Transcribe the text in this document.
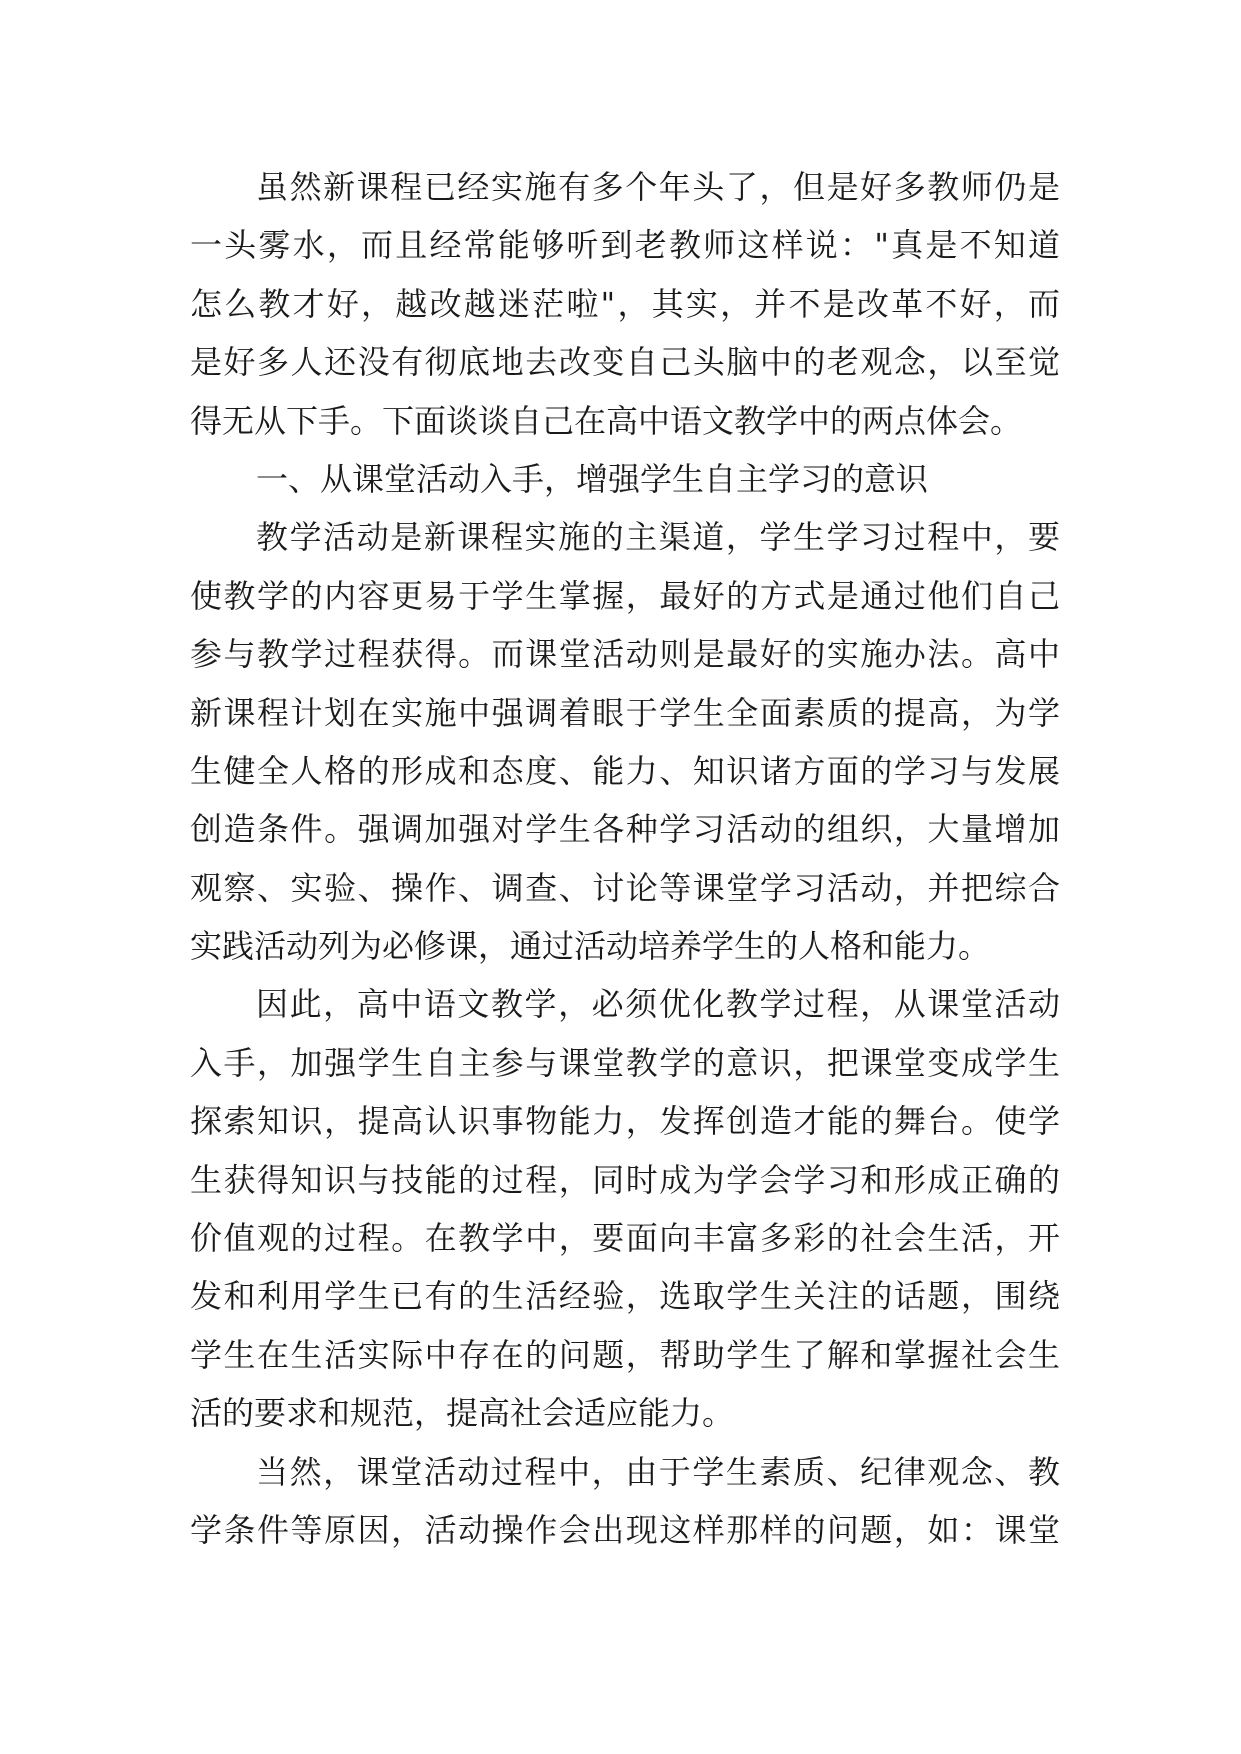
虽然新课程已经实施有多个年头了，但是好多教师仍是
一头雾水，而且经常能够听到老教师这样说："真是不知道
怎么教才好，越改越迷茫啦"，其实，并不是改革不好，而
是好多人还没有彻底地去改变自己头脑中的老观念，以至觉
得无从下手。下面谈谈自己在高中语文教学中的两点体会。
一、从课堂活动入手，增强学生自主学习的意识
教学活动是新课程实施的主渠道，学生学习过程中，要
使教学的内容更易于学生掌握，最好的方式是通过他们自己
参与教学过程获得。而课堂活动则是最好的实施办法。高中
新课程计划在实施中强调着眼于学生全面素质的提高，为学
生健全人格的形成和态度、能力、知识诸方面的学习与发展
创造条件。强调加强对学生各种学习活动的组织，大量增加
观察、实验、操作、调查、讨论等课堂学习活动，并把综合
实践活动列为必修课，通过活动培养学生的人格和能力。
因此，高中语文教学，必须优化教学过程，从课堂活动
入手，加强学生自主参与课堂教学的意识，把课堂变成学生
探索知识，提高认识事物能力，发挥创造才能的舞台。使学
生获得知识与技能的过程，同时成为学会学习和形成正确的
价值观的过程。在教学中，要面向丰富多彩的社会生活，开
发和利用学生已有的生活经验，选取学生关注的话题，围绕
学生在生活实际中存在的问题，帮助学生了解和掌握社会生
活的要求和规范，提高社会适应能力。
当然，课堂活动过程中，由于学生素质、纪律观念、教
学条件等原因，活动操作会出现这样那样的问题，如：课堂
